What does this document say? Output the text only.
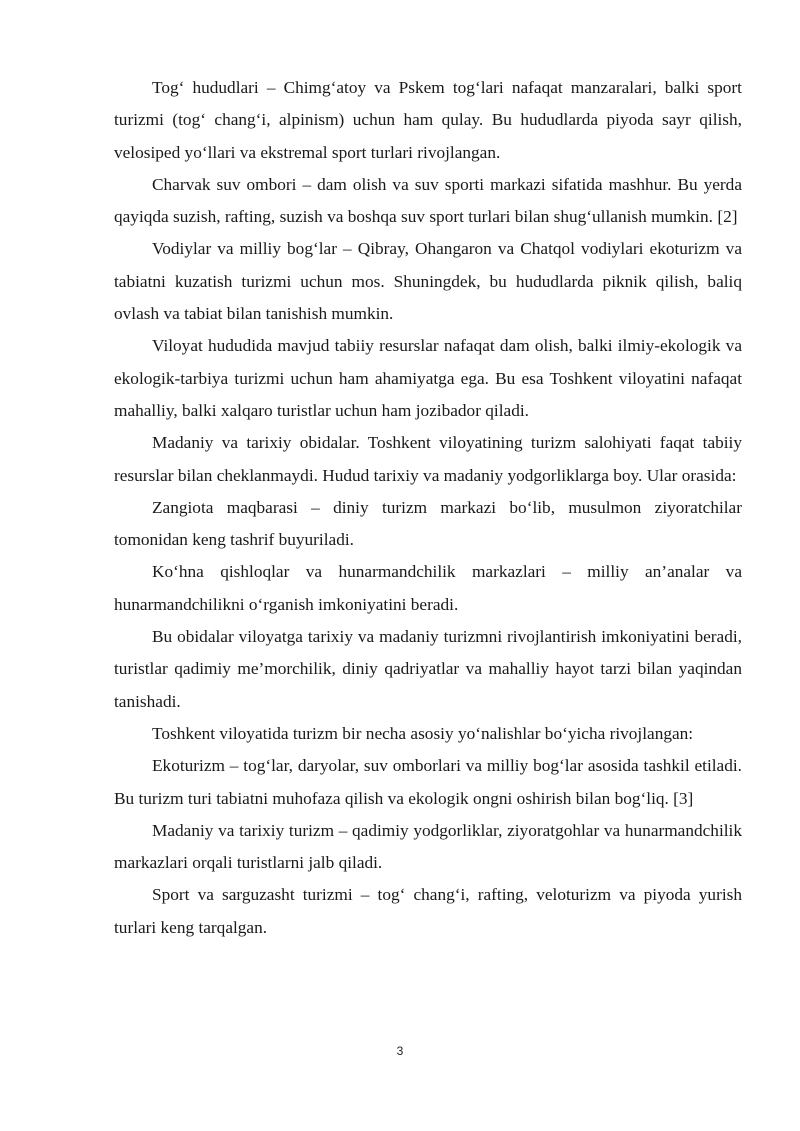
Tog‘ hududlari – Chimg‘atoy va Pskem tog‘lari nafaqat manzaralari, balki sport turizmi (tog‘ chang‘i, alpinism) uchun ham qulay. Bu hududlarda piyoda sayr qilish, velosiped yo‘llari va ekstremal sport turlari rivojlangan.

Charvak suv ombori – dam olish va suv sporti markazi sifatida mashhur. Bu yerda qayiqda suzish, rafting, suzish va boshqa suv sport turlari bilan shug‘ullanish mumkin. [2]

Vodiylar va milliy bog‘lar – Qibray, Ohangaron va Chatqol vodiylari ekoturizm va tabiatni kuzatish turizmi uchun mos. Shuningdek, bu hududlarda piknik qilish, baliq ovlash va tabiat bilan tanishish mumkin.

Viloyat hududida mavjud tabiiy resurslar nafaqat dam olish, balki ilmiy-ekologik va ekologik-tarbiya turizmi uchun ham ahamiyatga ega. Bu esa Toshkent viloyatini nafaqat mahalliy, balki xalqaro turistlar uchun ham jozibador qiladi.

Madaniy va tarixiy obidalar. Toshkent viloyatining turizm salohiyati faqat tabiiy resurslar bilan cheklanmaydi. Hudud tarixiy va madaniy yodgorliklarga boy. Ular orasida:

Zangiota maqbarasi – diniy turizm markazi bo‘lib, musulmon ziyoratchilar tomonidan keng tashrif buyuriladi.

Ko‘hna qishloqlar va hunarmandchilik markazlari – milliy an’analar va hunarmandchilikni o‘rganish imkoniyatini beradi.

Bu obidalar viloyatga tarixiy va madaniy turizmni rivojlantirish imkoniyatini beradi, turistlar qadimiy me’morchilik, diniy qadriyatlar va mahalliy hayot tarzi bilan yaqindan tanishadi.

Toshkent viloyatida turizm bir necha asosiy yo‘nalishlar bo‘yicha rivojlangan:

Ekoturizm – tog‘lar, daryolar, suv omborlari va milliy bog‘lar asosida tashkil etiladi. Bu turizm turi tabiatni muhofaza qilish va ekologik ongni oshirish bilan bog‘liq. [3]

Madaniy va tarixiy turizm – qadimiy yodgorliklar, ziyoratgohlar va hunarmandchilik markazlari orqali turistlarni jalb qiladi.

Sport va sarguzasht turizmi – tog‘ chang‘i, rafting, veloturizm va piyoda yurish turlari keng tarqalgan.

3
